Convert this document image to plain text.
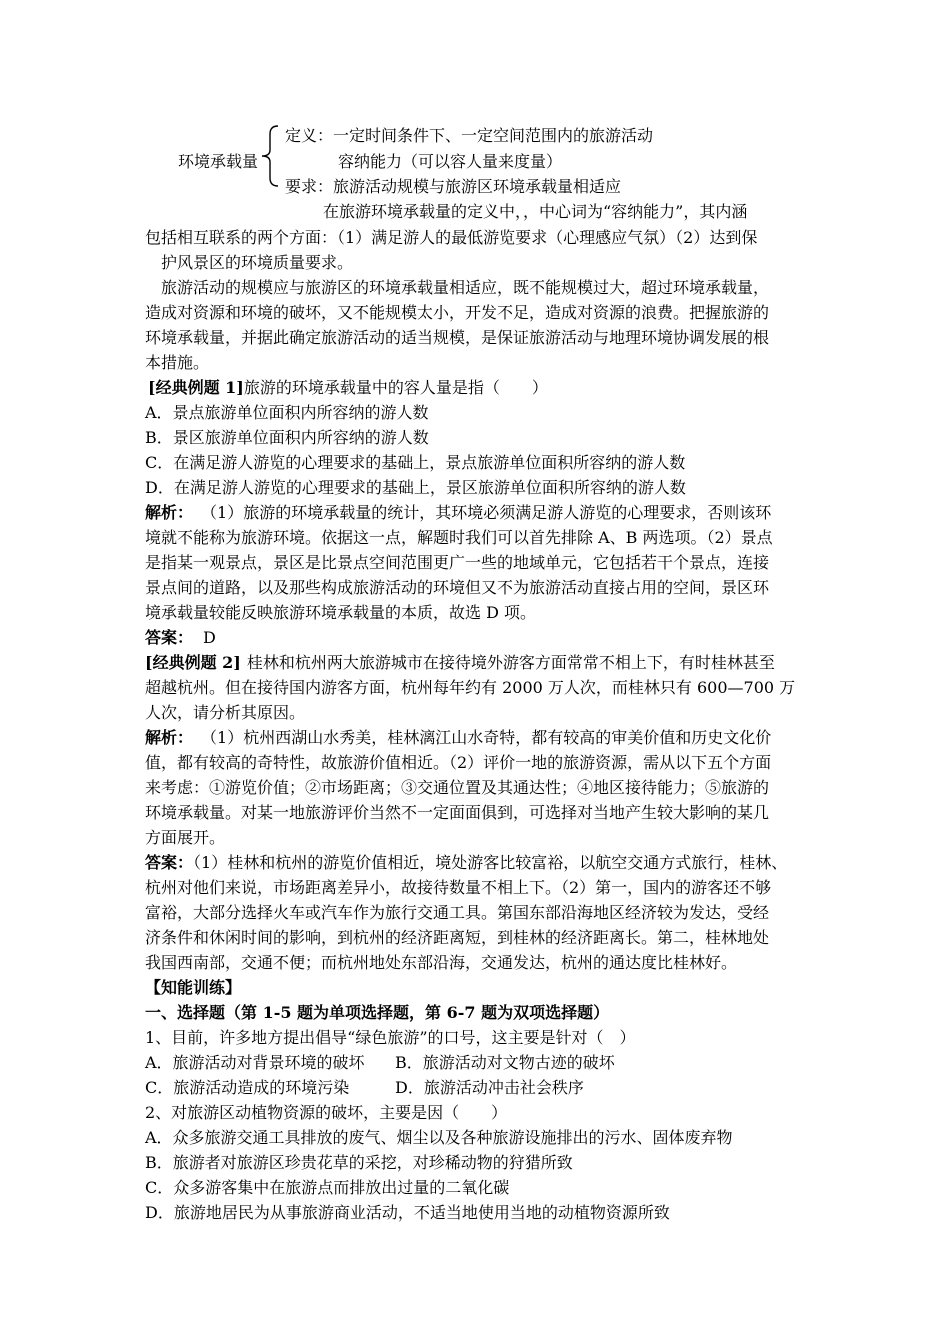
环境承载量
定义：一定时间条件下、一定空间范围内的旅游活动
容纳能力（可以容人量来度量）
要求：旅游活动规模与旅游区环境承载量相适应
在旅游环境承载量的定义中，，中心词为“容纳能力”，其内涵
包括相互联系的两个方面：（1）满足游人的最低游览要求（心理感应气氛）（2）达到保
护风景区的环境质量要求。
旅游活动的规模应与旅游区的环境承载量相适应，既不能规模过大，超过环境承载量，
造成对资源和环境的破坏，又不能规模太小，开发不足，造成对资源的浪费。把握旅游的
环境承载量，并据此确定旅游活动的适当规模，是保证旅游活动与地理环境协调发展的根
本措施。
[经典例题 1]旅游的环境承载量中的容人量是指（　　）
A．景点旅游单位面积内所容纳的游人数
B．景区旅游单位面积内所容纳的游人数
C．在满足游人游览的心理要求的基础上，景点旅游单位面积所容纳的游人数
D．在满足游人游览的心理要求的基础上，景区旅游单位面积所容纳的游人数
解析： （1）旅游的环境承载量的统计，其环境必须满足游人游览的心理要求，否则该环
境就不能称为旅游环境。依据这一点，解题时我们可以首先排除 A、B 两选项。（2）景点
是指某一观景点，景区是比景点空间范围更广一些的地域单元，它包括若干个景点，连接
景点间的道路，以及那些构成旅游活动的环境但又不为旅游活动直接占用的空间，景区环
境承载量较能反映旅游环境承载量的本质，故选 D 项。
答案： D
[经典例题 2] 桂林和杭州两大旅游城市在接待境外游客方面常常不相上下，有时桂林甚至
超越杭州。但在接待国内游客方面，杭州每年约有 2000 万人次，而桂林只有 600—700 万
人次，请分析其原因。
解析： （1）杭州西湖山水秀美，桂林漓江山水奇特，都有较高的审美价值和历史文化价
值，都有较高的奇特性，故旅游价值相近。（2）评价一地的旅游资源，需从以下五个方面
来考虑：①游览价值；②市场距离；③交通位置及其通达性；④地区接待能力；⑤旅游的
环境承载量。对某一地旅游评价当然不一定面面俱到，可选择对当地产生较大影响的某几
方面展开。
答案：（1）桂林和杭州的游览价值相近，境处游客比较富裕，以航空交通方式旅行，桂林、
杭州对他们来说，市场距离差异小，故接待数量不相上下。（2）第一，国内的游客还不够
富裕，大部分选择火车或汽车作为旅行交通工具。第国东部沿海地区经济较为发达，受经
济条件和休闲时间的影响，到杭州的经济距离短，到桂林的经济距离长。第二，桂林地处
我国西南部，交通不便；而杭州地处东部沿海，交通发达，杭州的通达度比桂林好。
【知能训练】
一、选择题（第 1-5 题为单项选择题，第 6-7 题为双项选择题）
1、目前，许多地方提出倡导“绿色旅游”的口号，这主要是针对（　）
A．旅游活动对背景环境的破坏 B．旅游活动对文物古迹的破坏
C．旅游活动造成的环境污染	D．旅游活动冲击社会秩序
2、对旅游区动植物资源的破坏，主要是因（　　）
A．众多旅游交通工具排放的废气、烟尘以及各种旅游设施排出的污水、固体废弃物
B．旅游者对旅游区珍贵花草的采挖，对珍稀动物的狩猎所致
C．众多游客集中在旅游点而排放出过量的二氧化碳
D．旅游地居民为从事旅游商业活动，不适当地使用当地的动植物资源所致
